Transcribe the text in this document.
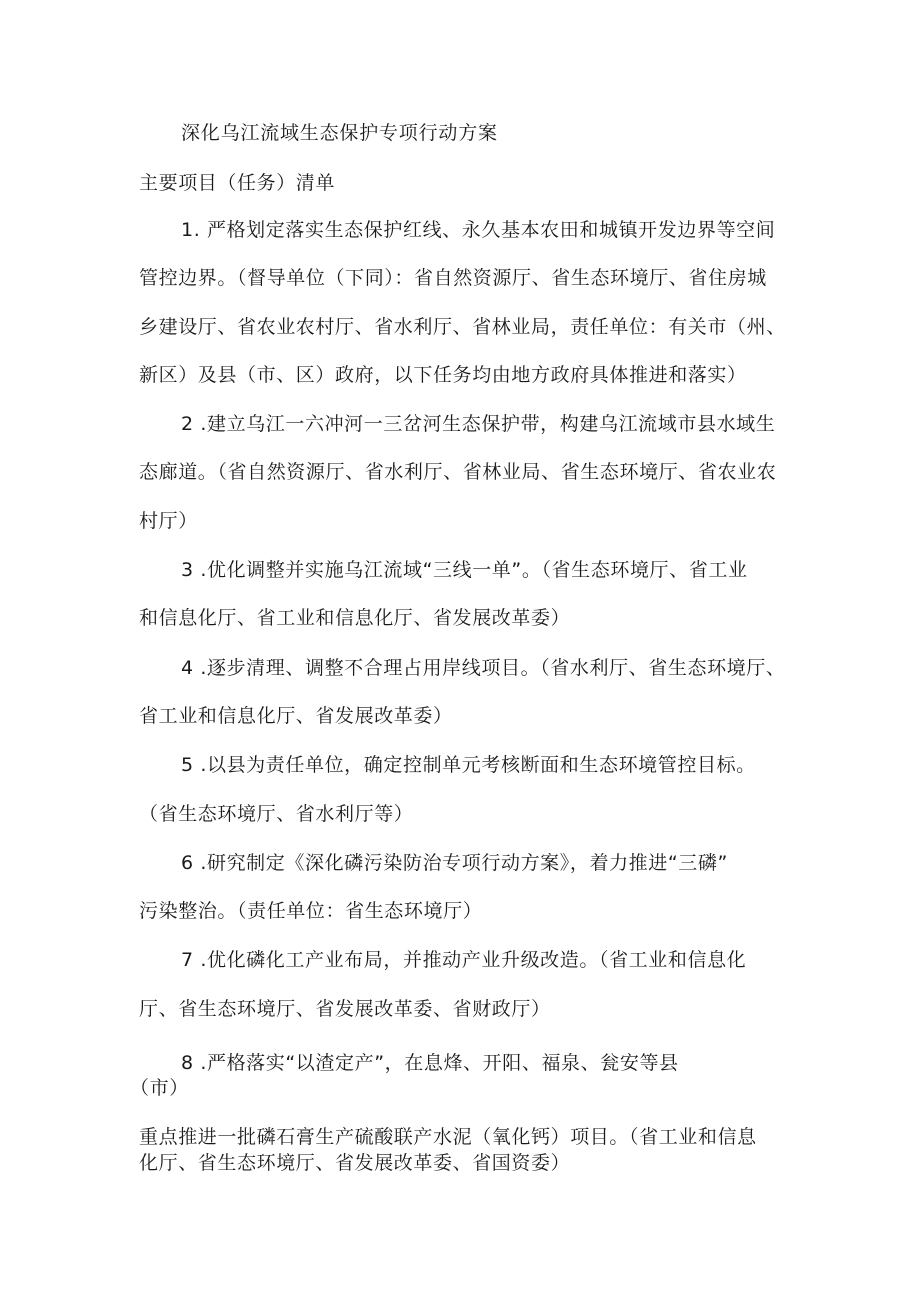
深化乌江流域生态保护专项行动方案
主要项目（任务）清单
1. 严格划定落实生态保护红线、永久基本农田和城镇开发边界等空间
管控边界。（督导单位（下同）：省自然资源厅、省生态环境厅、省住房城
乡建设厅、省农业农村厅、省水利厅、省林业局，责任单位：有关市（州、
新区）及县（市、区）政府，以下任务均由地方政府具体推进和落实）
2 .建立乌江一六冲河一三岔河生态保护带，构建乌江流域市县水域生
态廊道。（省自然资源厅、省水利厅、省林业局、省生态环境厅、省农业农
村厅）
3 .优化调整并实施乌江流域“三线一单”。（省生态环境厅、省工业
和信息化厅、省工业和信息化厅、省发展改革委）
4 .逐步清理、调整不合理占用岸线项目。（省水利厅、省生态环境厅、
省工业和信息化厅、省发展改革委）
5 .以县为责任单位，确定控制单元考核断面和生态环境管控目标。
（省生态环境厅、省水利厅等）
6 .研究制定《深化磷污染防治专项行动方案》，着力推进“三磷”
污染整治。（责任单位：省生态环境厅）
7 .优化磷化工产业布局，并推动产业升级改造。（省工业和信息化
厅、省生态环境厅、省发展改革委、省财政厅）
8 .严格落实“以渣定产”，在息烽、开阳、福泉、瓮安等县
（市）
重点推进一批磷石膏生产硫酸联产水泥（氧化钙）项目。（省工业和信息
化厅、省生态环境厅、省发展改革委、省国资委）
